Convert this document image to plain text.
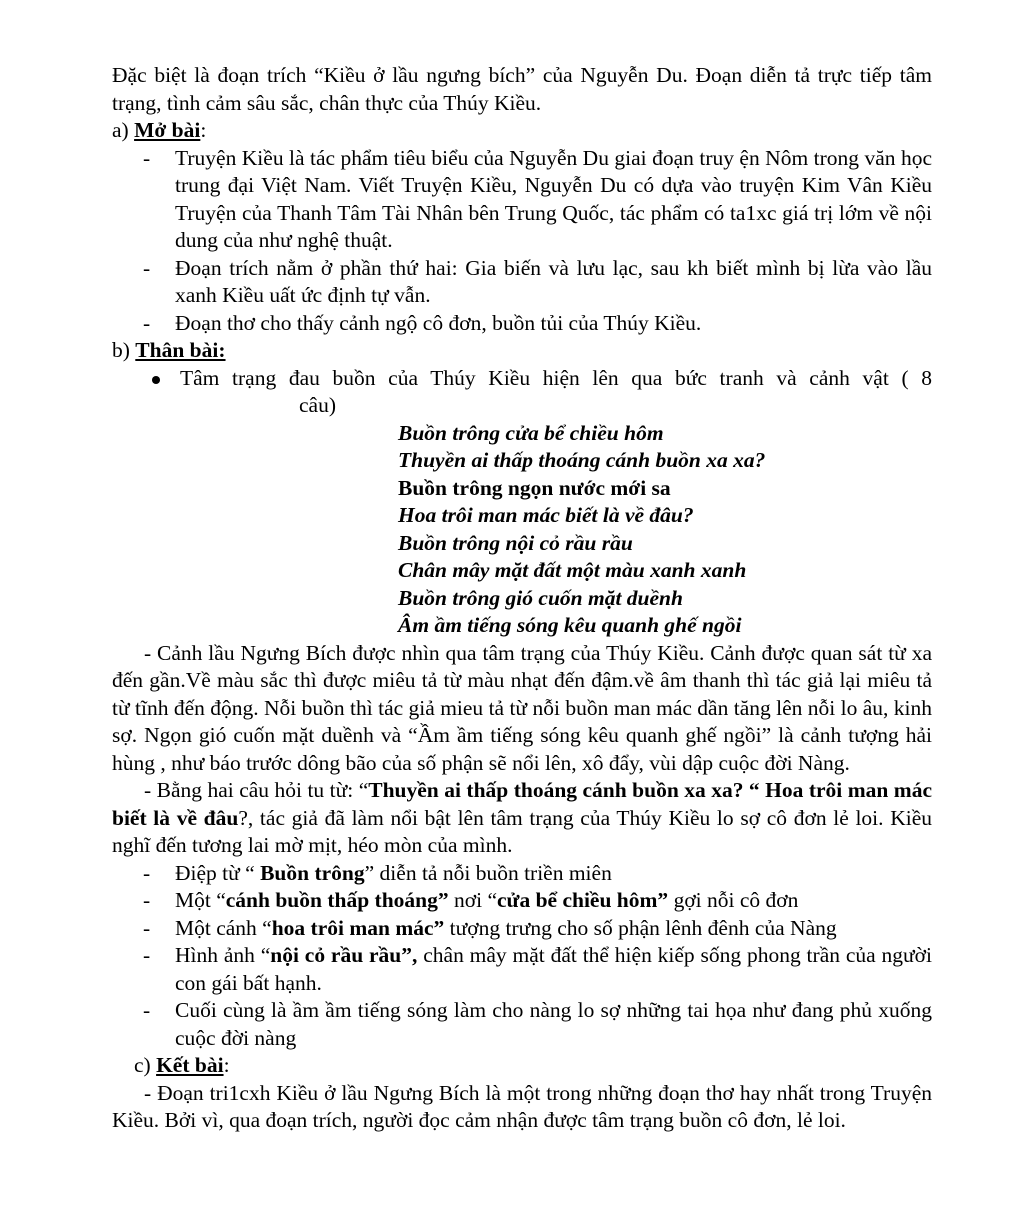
Đặc biệt là đoạn trích “Kiều ở lầu ngưng bích” của Nguyễn Du. Đoạn diễn tả trực tiếp tâm trạng, tình cảm sâu sắc, chân thực của Thúy Kiều.

a) Mở bài:

- Truyện Kiều là tác phẩm tiêu biểu của Nguyễn Du giai đoạn truy ện Nôm trong văn học trung đại Việt Nam. Viết Truyện Kiều, Nguyễn Du có dựa vào truyện Kim Vân Kiều Truyện của Thanh Tâm Tài Nhân bên Trung Quốc, tác phẩm có ta1xc giá trị lớm về nội dung của như nghệ thuật.
- Đoạn trích nằm ở phần thứ hai: Gia biến và lưu lạc, sau kh biết mình bị lừa vào lầu xanh Kiều uất ức định tự vẫn.
- Đoạn thơ cho thấy cảnh ngộ cô đơn, buồn tủi của Thúy Kiều.

b) Thân bài:

Tâm trạng đau buồn của Thúy Kiều hiện lên qua bức tranh và cảnh vật ( 8
câu)
Buồn trông cửa bể chiều hôm
Thuyền ai thấp thoáng cánh buồn xa xa?
Buồn trông ngọn nước mới sa
Hoa trôi man mác biết là về đâu?
Buồn trông nội cỏ rầu rầu
Chân mây mặt đất một màu xanh xanh
Buồn trông gió cuốn mặt duềnh
Âm ầm tiếng sóng kêu quanh ghế ngồi

- Cảnh lầu Ngưng Bích được nhìn qua tâm trạng của Thúy Kiều. Cảnh được quan sát từ xa đến gần.Về màu sắc thì được miêu tả từ màu nhạt đến đậm.về âm thanh thì tác giả lại miêu tả từ tĩnh đến động. Nỗi buồn thì tác giả mieu tả từ nỗi buồn man mác dần tăng lên nỗi lo âu, kinh sợ. Ngọn gió cuốn mặt duềnh và “Ầm ầm tiếng sóng kêu quanh ghế ngồi” là cảnh tượng hải hùng , như báo trước dông bão của số phận sẽ nổi lên, xô đẩy, vùi dập cuộc đời Nàng.

- Bằng hai câu hỏi tu từ: “Thuyền ai thấp thoáng cánh buồn xa xa? “ Hoa trôi man mác biết là về đâu?, tác giả đã làm nổi bật lên tâm trạng của Thúy Kiều lo sợ cô đơn lẻ loi. Kiều nghĩ đến tương lai mờ mịt, héo mòn của mình.

- Điệp từ “ Buồn trông” diễn tả nỗi buồn triền miên
- Một “cánh buồn thấp thoáng” nơi “cửa bể chiều hôm” gợi nỗi cô đơn
- Một cánh “hoa trôi man mác” tượng trưng cho số phận lênh đênh của Nàng
- Hình ảnh “nội cỏ rầu rầu”, chân mây mặt đất thể hiện kiếp sống phong trần của người con gái bất hạnh.
- Cuối cùng là ầm ầm tiếng sóng làm cho nàng lo sợ những tai họa như đang phủ xuống cuộc đời nàng

c) Kết bài:

- Đoạn tri1cxh Kiều ở lầu Ngưng Bích là một trong những đoạn thơ hay nhất trong Truyện Kiều. Bởi vì, qua đoạn trích, người đọc cảm nhận được tâm trạng buồn cô đơn, lẻ loi.
